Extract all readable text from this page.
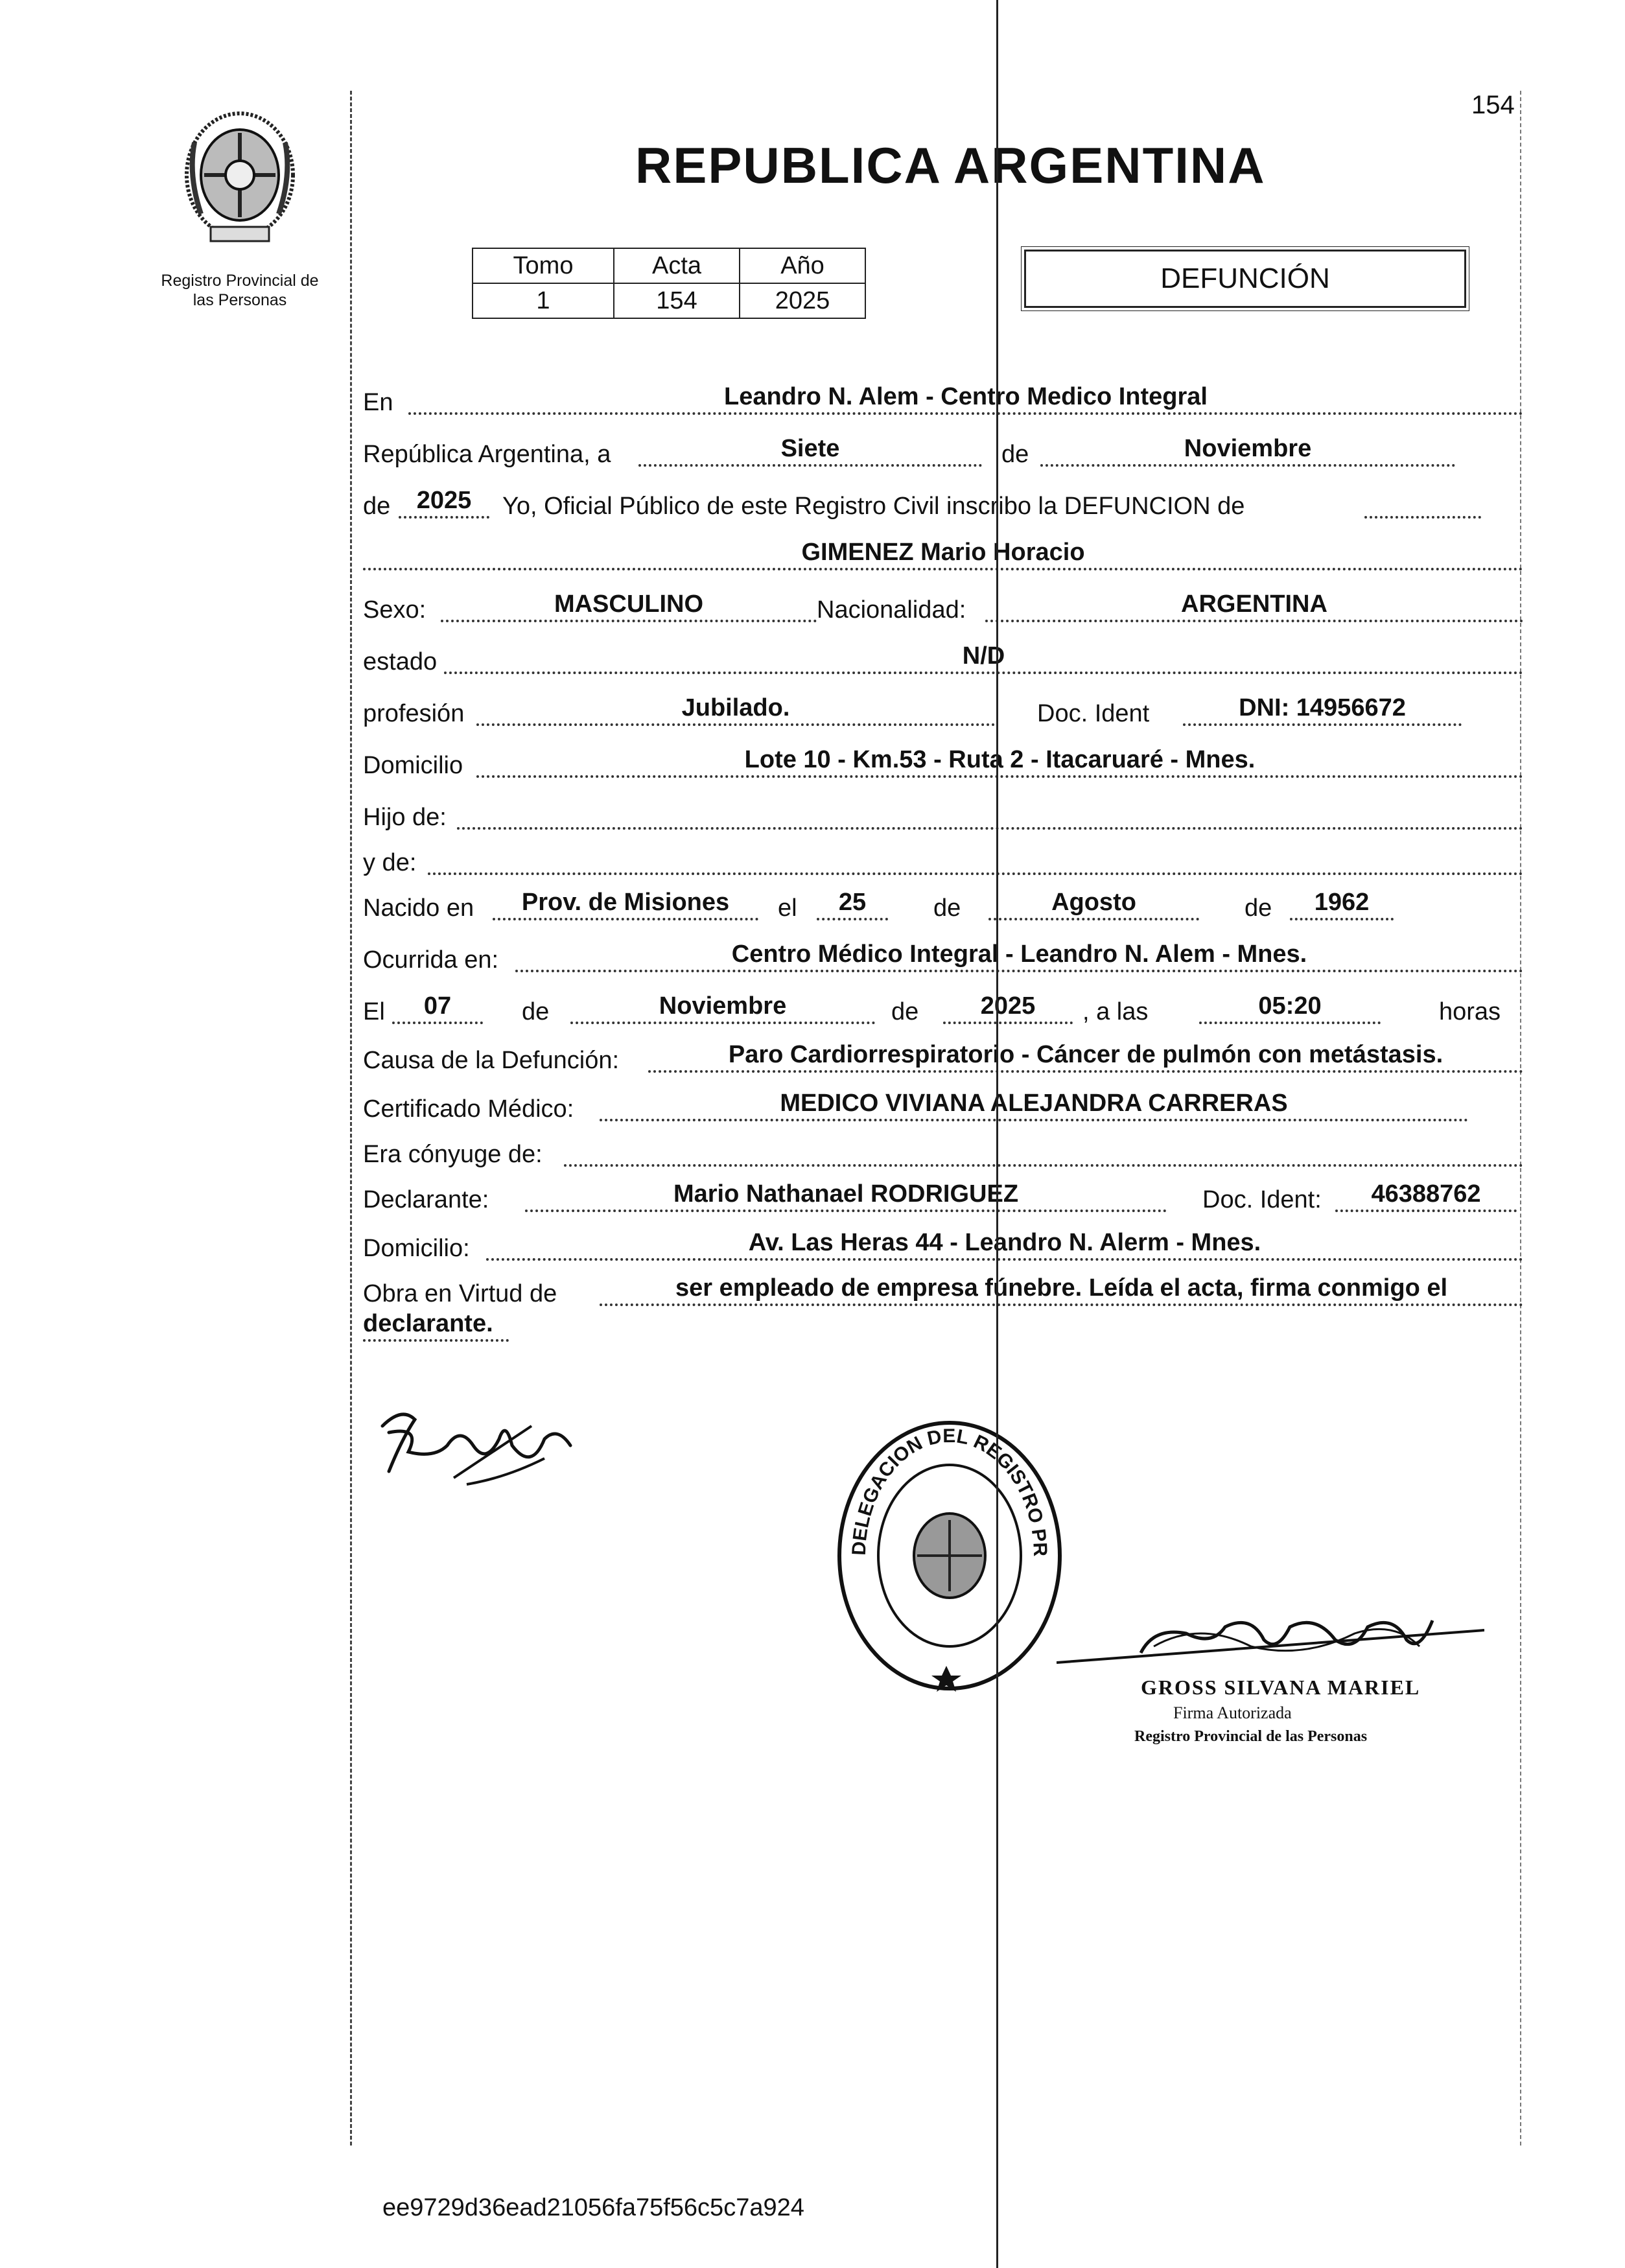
154
Registro Provincial de
las Personas
REPUBLICA ARGENTINA
Tomo	Acta	Año
1	154	2025
DEFUNCIÓN
En	Leandro N. Alem - Centro Medico Integral
República Argentina, a	Siete	de	Noviembre
de	2025	Yo, Oficial Público de este Registro Civil inscribo la DEFUNCION de
GIMENEZ Mario Horacio
Sexo:	MASCULINO	Nacionalidad:	ARGENTINA
estado	N/D
profesión	Jubilado.	Doc. Ident	DNI: 14956672
Domicilio	Lote 10 - Km.53 - Ruta 2 - Itacaruaré - Mnes.
Hijo de:
y de:
Nacido en	Prov. de Misiones	el	25	de	Agosto	de	1962
Ocurrida en:	Centro Médico Integral - Leandro N. Alem - Mnes.
El	07	de	Noviembre	de	2025	, a las	05:20	horas
Causa de la Defunción:	Paro Cardiorrespiratorio - Cáncer de pulmón con metástasis.
Certificado Médico:	MEDICO VIVIANA ALEJANDRA CARRERAS
Era cónyuge de:
Declarante:	Mario Nathanael RODRIGUEZ	Doc. Ident:	46388762
Domicilio:	Av. Las Heras 44 - Leandro N. Alerm - Mnes.
Obra en Virtud de	ser empleado de empresa fúnebre. Leída el acta, firma conmigo el
declarante.
DELEGACION DEL REGISTRO PR
GROSS SILVANA MARIEL
Firma Autorizada
Registro Provincial de las Personas
ee9729d36ead21056fa75f56c5c7a924
